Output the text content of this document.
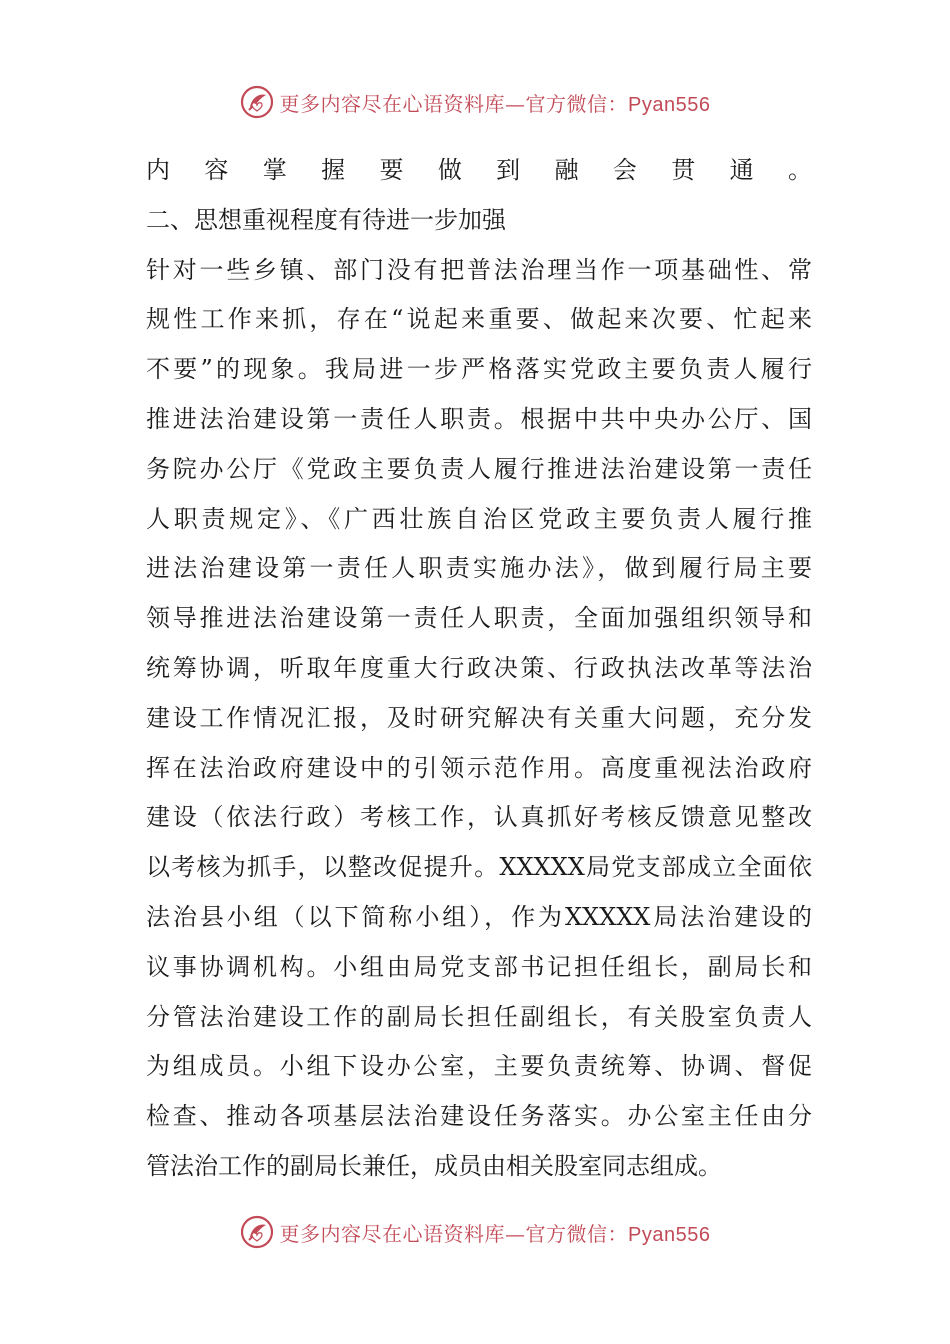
更多内容尽在心语资料库—官方微信：Pyan556
内容掌握要做到融会贯通。
二、思想重视程度有待进一步加强
针对一些乡镇、部门没有把普法治理当作一项基础性、常
规性工作来抓，存在“说起来重要、做起来次要、忙起来
不要”的现象。我局进一步严格落实党政主要负责人履行
推进法治建设第一责任人职责。根据中共中央办公厅、国
务院办公厅《党政主要负责人履行推进法治建设第一责任
人职责规定》、《广西壮族自治区党政主要负责人履行推
进法治建设第一责任人职责实施办法》，做到履行局主要
领导推进法治建设第一责任人职责，全面加强组织领导和
统筹协调，听取年度重大行政决策、行政执法改革等法治
建设工作情况汇报，及时研究解决有关重大问题，充分发
挥在法治政府建设中的引领示范作用。高度重视法治政府
建设（依法行政）考核工作，认真抓好考核反馈意见整改
以考核为抓手，以整改促提升。XXXXX局党支部成立全面依
法治县小组（以下简称小组），作为XXXXX局法治建设的
议事协调机构。小组由局党支部书记担任组长，副局长和
分管法治建设工作的副局长担任副组长，有关股室负责人
为组成员。小组下设办公室，主要负责统筹、协调、督促
检查、推动各项基层法治建设任务落实。办公室主任由分
管法治工作的副局长兼任，成员由相关股室同志组成。
更多内容尽在心语资料库—官方微信：Pyan556
